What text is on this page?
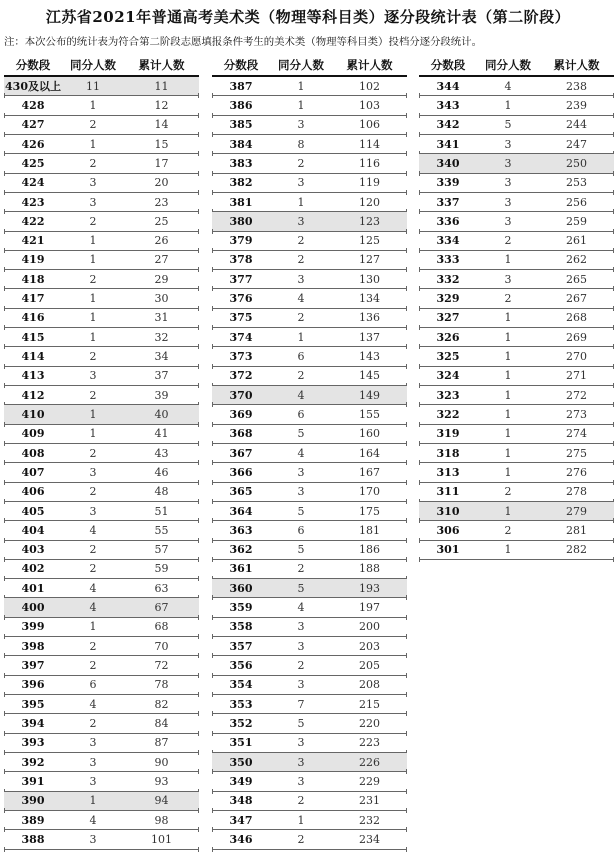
江苏省2021年普通高考美术类（物理等科目类）逐分段统计表（第二阶段）
注：本次公布的统计表为符合第二阶段志愿填报条件考生的美术类（物理等科目类）投档分逐分段统计。
分数段	同分人数	累计人数
430及以上	11	11
428	1	12
427	2	14
426	1	15
425	2	17
424	3	20
423	3	23
422	2	25
421	1	26
419	1	27
418	2	29
417	1	30
416	1	31
415	1	32
414	2	34
413	3	37
412	2	39
410	1	40
409	1	41
408	2	43
407	3	46
406	2	48
405	3	51
404	4	55
403	2	57
402	2	59
401	4	63
400	4	67
399	1	68
398	2	70
397	2	72
396	6	78
395	4	82
394	2	84
393	3	87
392	3	90
391	3	93
390	1	94
389	4	98
388	3	101
分数段	同分人数	累计人数
387	1	102
386	1	103
385	3	106
384	8	114
383	2	116
382	3	119
381	1	120
380	3	123
379	2	125
378	2	127
377	3	130
376	4	134
375	2	136
374	1	137
373	6	143
372	2	145
370	4	149
369	6	155
368	5	160
367	4	164
366	3	167
365	3	170
364	5	175
363	6	181
362	5	186
361	2	188
360	5	193
359	4	197
358	3	200
357	3	203
356	2	205
354	3	208
353	7	215
352	5	220
351	3	223
350	3	226
349	3	229
348	2	231
347	1	232
346	2	234
分数段	同分人数	累计人数
344	4	238
343	1	239
342	5	244
341	3	247
340	3	250
339	3	253
337	3	256
336	3	259
334	2	261
333	1	262
332	3	265
329	2	267
327	1	268
326	1	269
325	1	270
324	1	271
323	1	272
322	1	273
319	1	274
318	1	275
313	1	276
311	2	278
310	1	279
306	2	281
301	1	282
